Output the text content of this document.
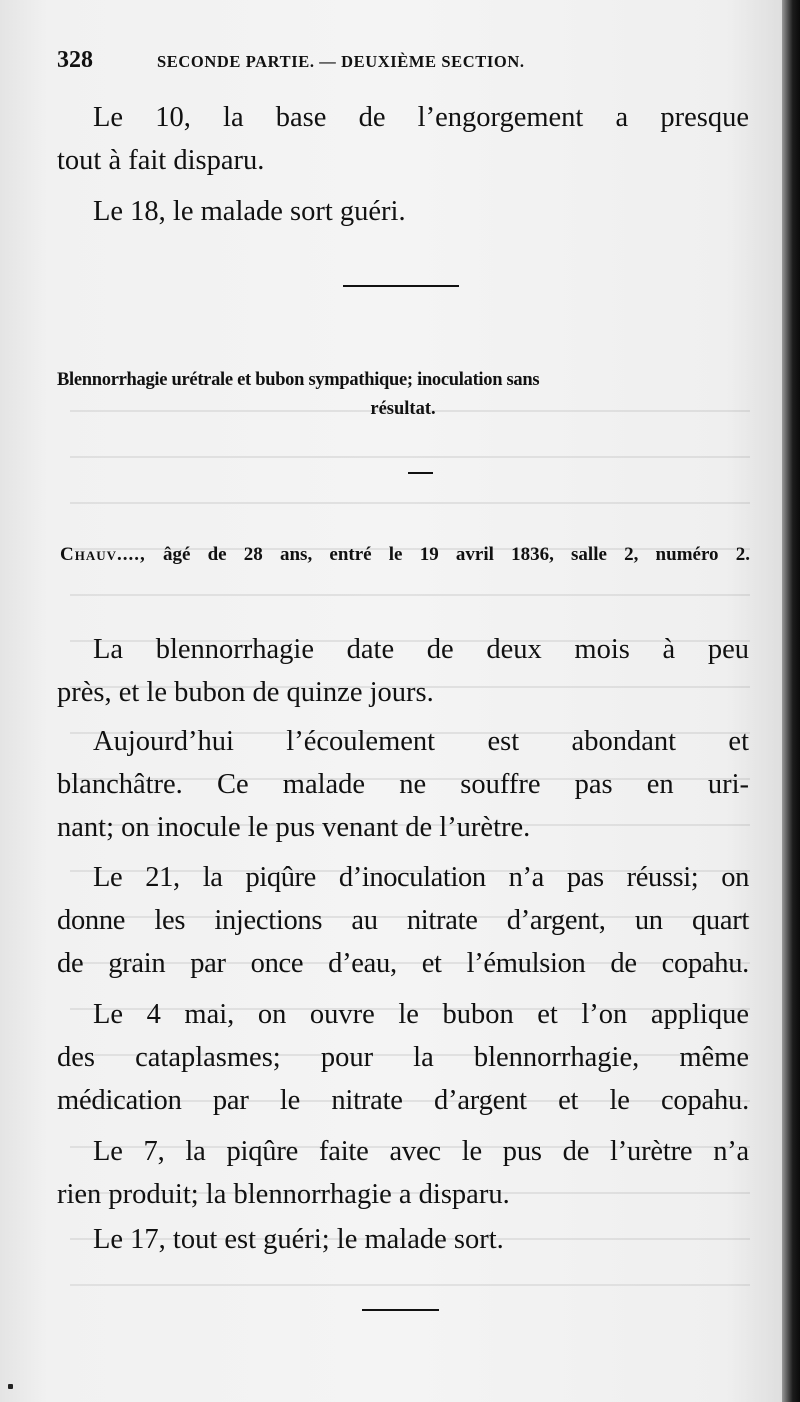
328	SECONDE PARTIE. — DEUXIÈME SECTION.
Le 10, la base de l’engorgement a presque
tout à fait disparu.
Le 18, le malade sort guéri.
Blennorrhagie urétrale et bubon sympathique; inoculation sans
résultat.
Chauv...., âgé de 28 ans, entré le 19 avril 1836, salle 2, numéro 2.
La blennorrhagie date de deux mois à peu
près, et le bubon de quinze jours.
Aujourd’hui l’écoulement est abondant et
blanchâtre. Ce malade ne souffre pas en uri-
nant; on inocule le pus venant de l’urètre.
Le 21, la piqûre d’inoculation n’a pas réussi; on
donne les injections au nitrate d’argent, un quart
de grain par once d’eau, et l’émulsion de copahu.
Le 4 mai, on ouvre le bubon et l’on applique
des cataplasmes; pour la blennorrhagie, même
médication par le nitrate d’argent et le copahu.
Le 7, la piqûre faite avec le pus de l’urètre n’a
rien produit; la blennorrhagie a disparu.
Le 17, tout est guéri; le malade sort.
